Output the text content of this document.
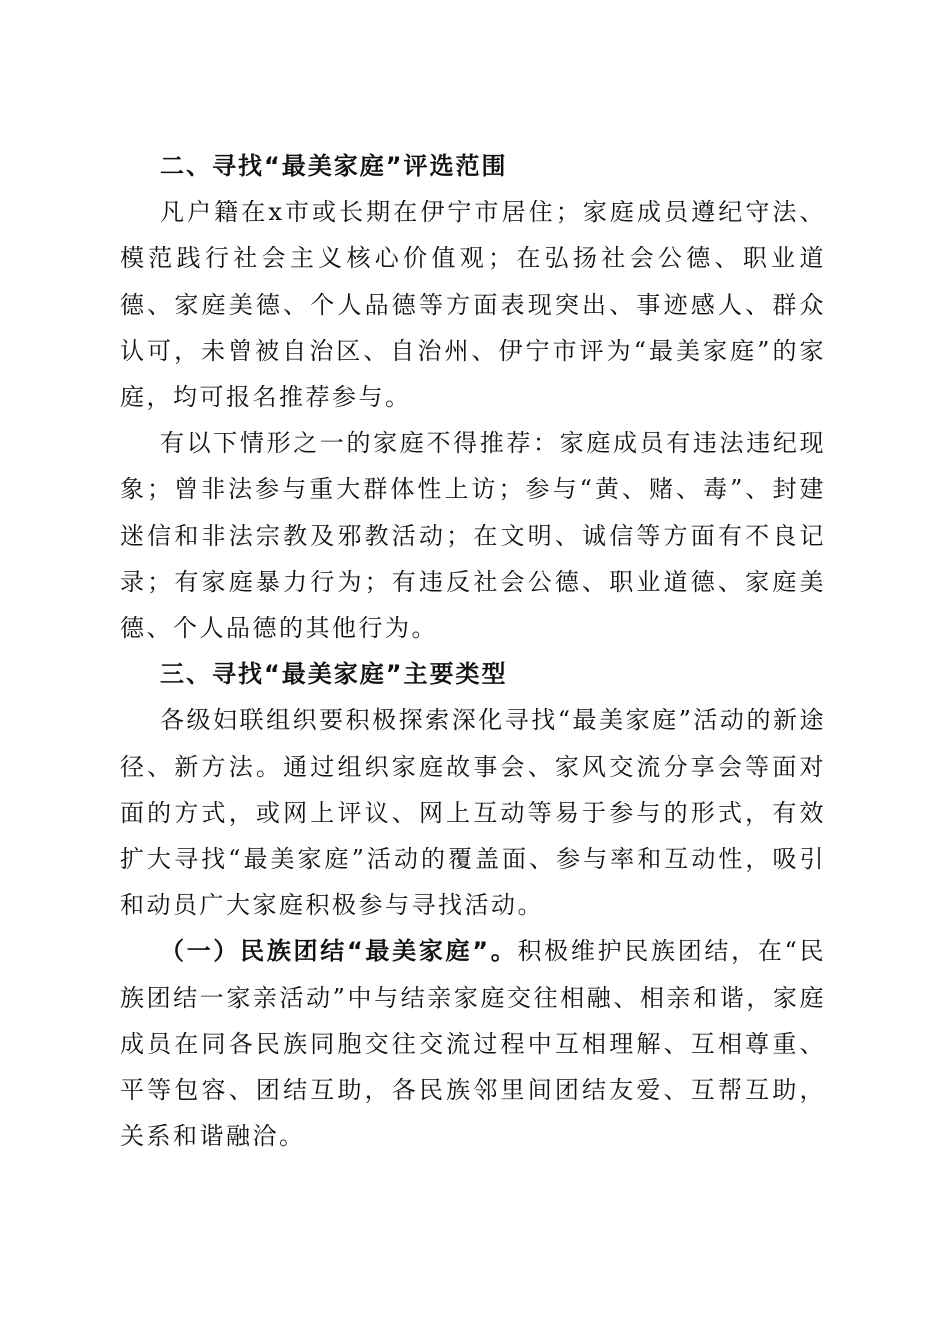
二、寻找“最美家庭”评选范围

凡户籍在x市或长期在伊宁市居住；家庭成员遵纪守法、模范践行社会主义核心价值观；在弘扬社会公德、职业道德、家庭美德、个人品德等方面表现突出、事迹感人、群众认可，未曾被自治区、自治州、伊宁市评为“最美家庭”的家庭，均可报名推荐参与。

有以下情形之一的家庭不得推荐：家庭成员有违法违纪现象；曾非法参与重大群体性上访；参与“黄、赌、毒”、封建迷信和非法宗教及邪教活动；在文明、诚信等方面有不良记录；有家庭暴力行为；有违反社会公德、职业道德、家庭美德、个人品德的其他行为。

三、寻找“最美家庭”主要类型

各级妇联组织要积极探索深化寻找“最美家庭”活动的新途径、新方法。通过组织家庭故事会、家风交流分享会等面对面的方式，或网上评议、网上互动等易于参与的形式，有效扩大寻找“最美家庭”活动的覆盖面、参与率和互动性，吸引和动员广大家庭积极参与寻找活动。

（一）民族团结“最美家庭”。积极维护民族团结，在“民族团结一家亲活动”中与结亲家庭交往相融、相亲和谐，家庭成员在同各民族同胞交往交流过程中互相理解、互相尊重、平等包容、团结互助，各民族邻里间团结友爱、互帮互助，关系和谐融洽。
